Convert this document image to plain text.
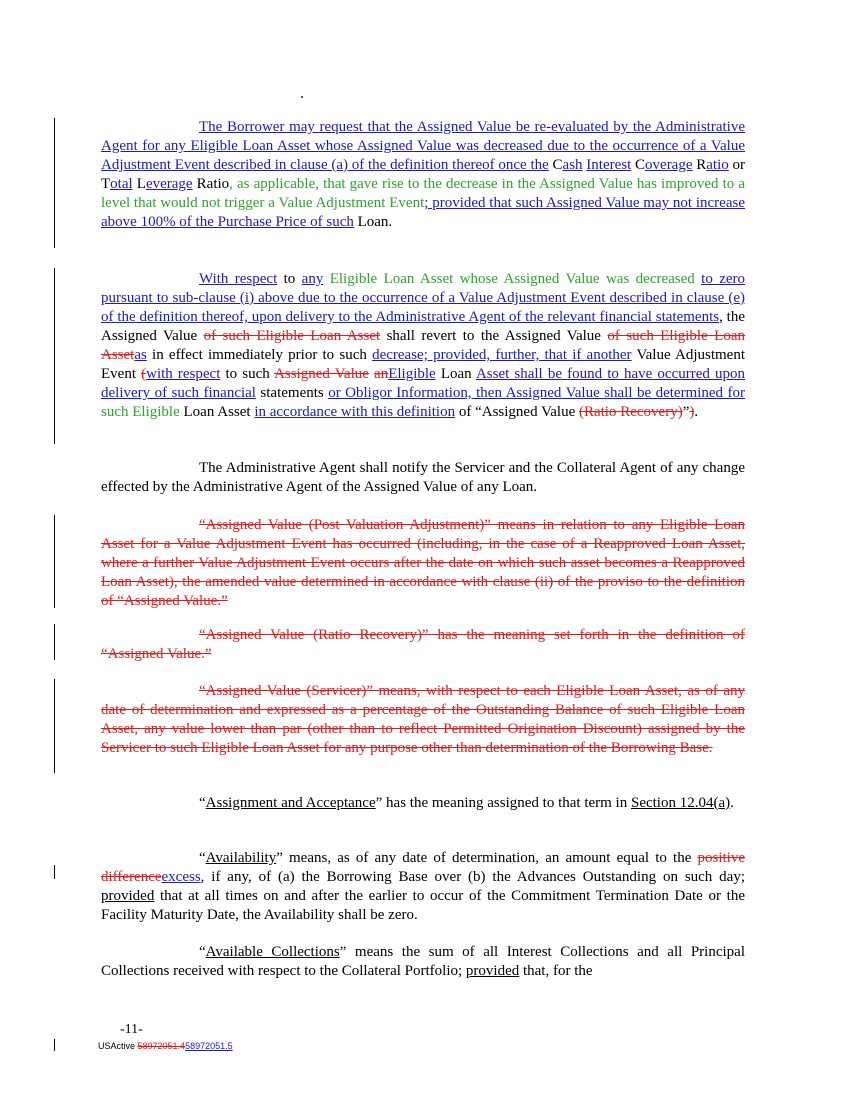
The Borrower may request that the Assigned Value be re-evaluated by the Administrative Agent for any Eligible Loan Asset whose Assigned Value was decreased due to the occurrence of a Value Adjustment Event described in clause (a) of the definition thereof once the Cash Interest Coverage Ratio or Total Leverage Ratio, as applicable, that gave rise to the decrease in the Assigned Value has improved to a level that would not trigger a Value Adjustment Event; provided that such Assigned Value may not increase above 100% of the Purchase Price of such Loan.

With respect to any Eligible Loan Asset whose Assigned Value was decreased to zero pursuant to sub-clause (i) above due to the occurrence of a Value Adjustment Event described in clause (e) of the definition thereof, upon delivery to the Administrative Agent of the relevant financial statements, the Assigned Value of such Eligible Loan Asset shall revert to the Assigned Value of such Eligible Loan Assetas in effect immediately prior to such decrease; provided, further, that if another Value Adjustment Event (with respect to such Assigned Value anEligible Loan Asset shall be found to have occurred upon delivery of such financial statements or Obligor Information, then Assigned Value shall be determined for such Eligible Loan Asset in accordance with this definition of “Assigned Value (Ratio Recovery)”).

The Administrative Agent shall notify the Servicer and the Collateral Agent of any change effected by the Administrative Agent of the Assigned Value of any Loan.

“Assigned Value (Post Valuation Adjustment)” means in relation to any Eligible Loan Asset for a Value Adjustment Event has occurred (including, in the case of a Reapproved Loan Asset, where a further Value Adjustment Event occurs after the date on which such asset becomes a Reapproved Loan Asset), the amended value determined in accordance with clause (ii) of the proviso to the definition of “Assigned Value.”

“Assigned Value (Ratio Recovery)” has the meaning set forth in the definition of “Assigned Value.”

“Assigned Value (Servicer)” means, with respect to each Eligible Loan Asset, as of any date of determination and expressed as a percentage of the Outstanding Balance of such Eligible Loan Asset, any value lower than par (other than to reflect Permitted Origination Discount) assigned by the Servicer to such Eligible Loan Asset for any purpose other than determination of the Borrowing Base.

“Assignment and Acceptance” has the meaning assigned to that term in Section 12.04(a).

“Availability” means, as of any date of determination, an amount equal to the positive differenceexcess, if any, of (a) the Borrowing Base over (b) the Advances Outstanding on such day; provided that at all times on and after the earlier to occur of the Commitment Termination Date or the Facility Maturity Date, the Availability shall be zero.

“Available Collections” means the sum of all Interest Collections and all Principal Collections received with respect to the Collateral Portfolio; provided that, for the

-11-
USActive 58972051.458972051.5
